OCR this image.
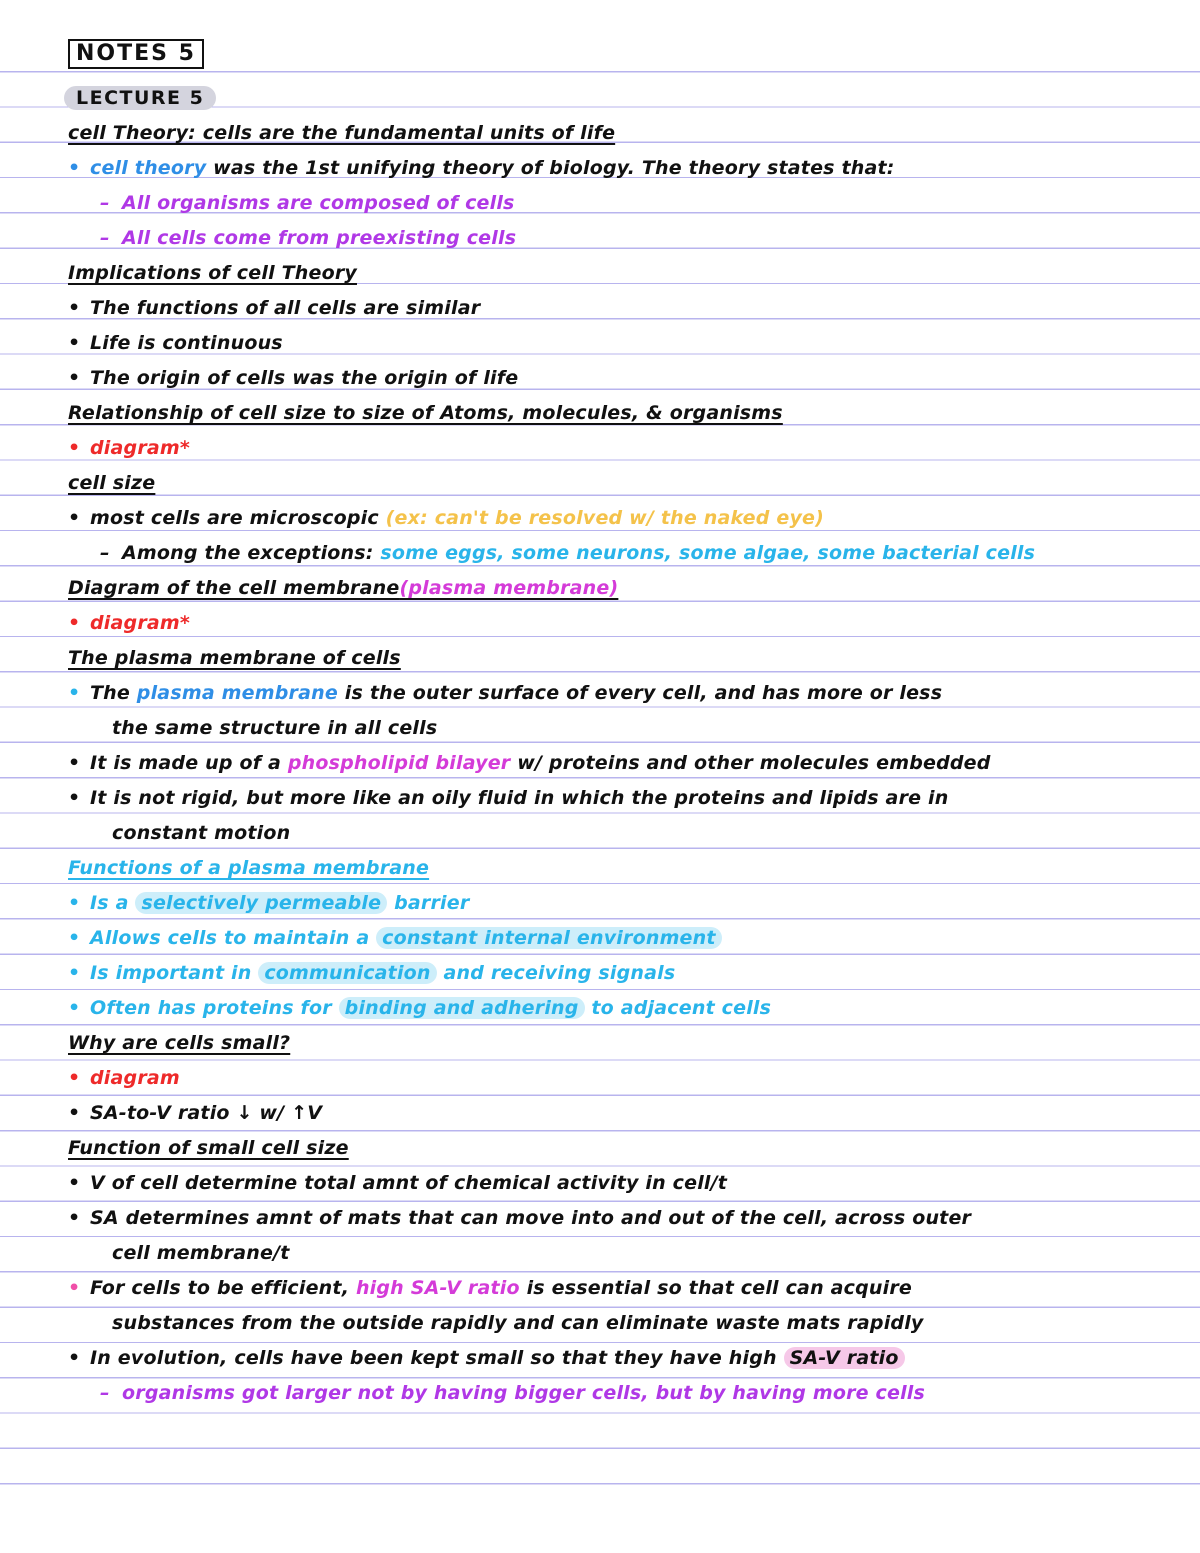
NOTES 5
LECTURE 5
cell Theory: cells are the fundamental units of life
• cell theory was the 1st unifying theory of biology. The theory states that:
– All organisms are composed of cells
– All cells come from preexisting cells
Implications of cell Theory
• The functions of all cells are similar
• Life is continuous
• The origin of cells was the origin of life
Relationship of cell size to size of Atoms, molecules, & organisms
• diagram*
cell size
• most cells are microscopic (ex: can't be resolved w/ the naked eye)
– Among the exceptions: some eggs, some neurons, some algae, some bacterial cells
Diagram of the cell membrane(plasma membrane)
• diagram*
The plasma membrane of cells
• The plasma membrane is the outer surface of every cell, and has more or less
the same structure in all cells
• It is made up of a phospholipid bilayer w/ proteins and other molecules embedded
• It is not rigid, but more like an oily fluid in which the proteins and lipids are in
constant motion
Functions of a plasma membrane
• Is a selectively permeable barrier
• Allows cells to maintain a constant internal environment
• Is important in communication and receiving signals
• Often has proteins for binding and adhering to adjacent cells
Why are cells small?
• diagram
• SA-to-V ratio ↓ w/ ↑V
Function of small cell size
• V of cell determine total amnt of chemical activity in cell/t
• SA determines amnt of mats that can move into and out of the cell, across outer
cell membrane/t
• For cells to be efficient, high SA-V ratio is essential so that cell can acquire
substances from the outside rapidly and can eliminate waste mats rapidly
• In evolution, cells have been kept small so that they have high SA-V ratio
– organisms got larger not by having bigger cells, but by having more cells
